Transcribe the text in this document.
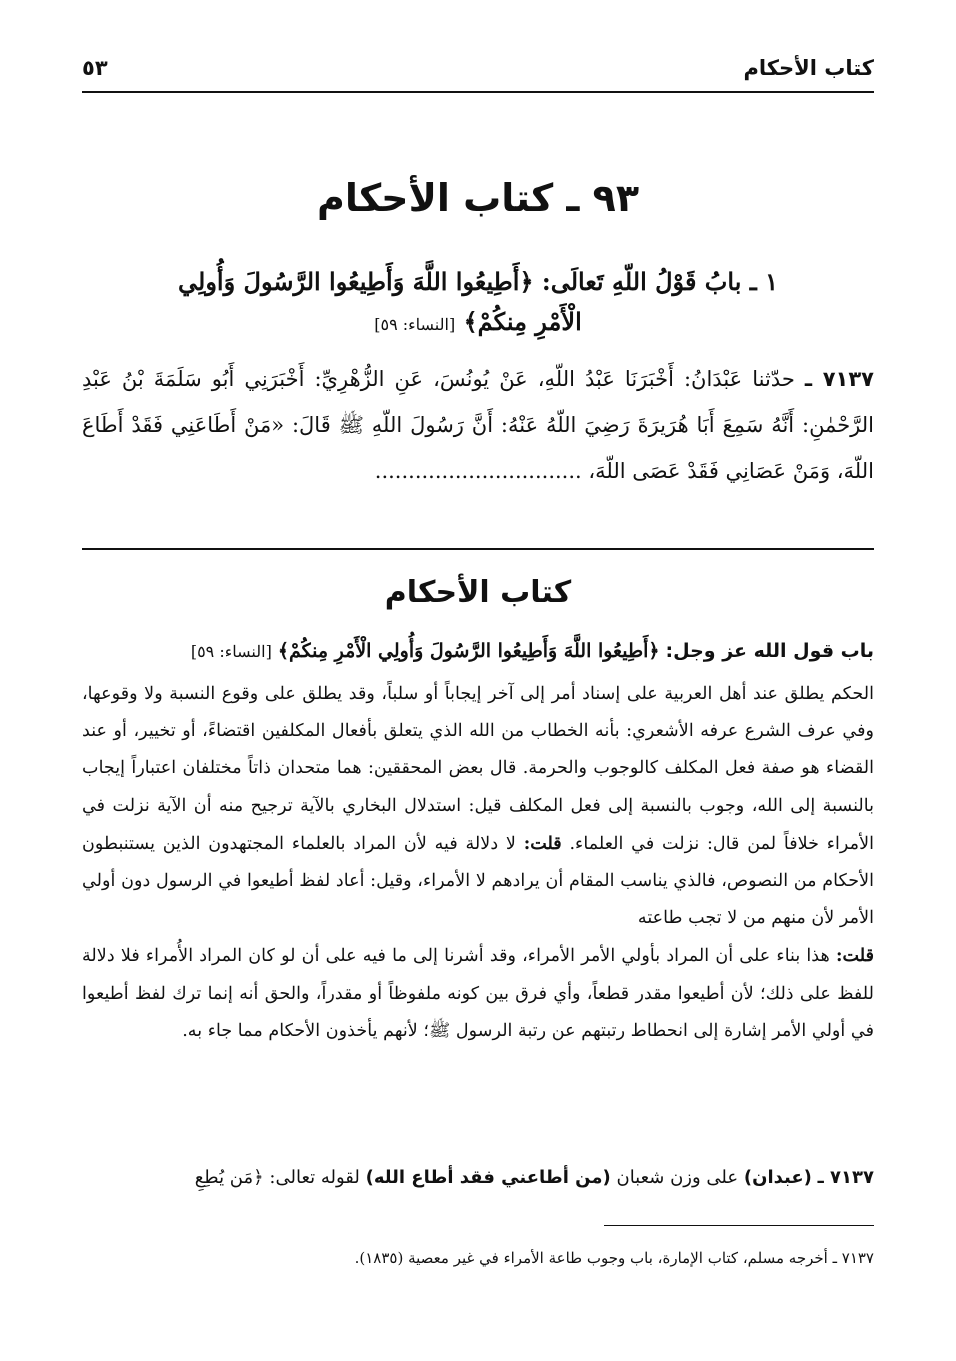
كتاب الأحكام
٥٣
٩٣ ـ كتاب الأحكام
١ ـ بابُ قَوْلُ اللّهِ تَعالَى: ﴿أَطِيعُوا اللَّهَ وَأَطِيعُوا الرَّسُولَ وَأُولِي الْأَمْرِ مِنكُمْ﴾ [النساء: ٥٩]
٧١٣٧ ـ حدّثنا عَبْدَانُ: أَخْبَرَنَا عَبْدُ اللّهِ، عَنْ يُونُسَ، عَنِ الزُّهْرِيِّ: أَخْبَرَنِي أَبُو سَلَمَةَ بْنُ عَبْدِ الرَّحْمٰنِ: أَنَّهُ سَمِعَ أَبَا هُرَيرَةَ رَضِيَ اللّهُ عَنْهُ: أَنَّ رَسُولَ اللّهِ ﷺ قَالَ: «مَنْ أَطَاعَنِي فَقَدْ أَطَاعَ اللّهَ، وَمَنْ عَصَانِي فَقَدْ عَصَى اللّهَ، ...............................
كتاب الأحكام
باب قول الله عز وجل: ﴿أَطِيعُوا اللَّهَ وَأَطِيعُوا الرَّسُولَ وَأُولِي الْأَمْرِ مِنكُمْ﴾ [النساء: ٥٩]

الحكم يطلق عند أهل العربية على إسناد أمر إلى آخر إيجاباً أو سلباً، وقد يطلق على وقوع النسبة ولا وقوعها، وفي عرف الشرع عرفه الأشعري: بأنه الخطاب من الله الذي يتعلق بأفعال المكلفين اقتضاءً، أو تخيير، أو عند القضاء هو صفة فعل المكلف كالوجوب والحرمة. قال بعض المحققين: هما متحدان ذاتاً مختلفان اعتباراً إيجاب بالنسبة إلى الله، وجوب بالنسبة إلى فعل المكلف قيل: استدلال البخاري بالآية ترجيح منه أن الآية نزلت في الأمراء خلافاً لمن قال: نزلت في العلماء. قلت: لا دلالة فيه لأن المراد بالعلماء المجتهدون الذين يستنبطون الأحكام من النصوص، فالذي يناسب المقام أن يرادهم لا الأمراء، وقيل: أعاد لفظ أطيعوا في الرسول دون أولي الأمر لأن منهم من لا تجب طاعته

قلت: هذا بناء على أن المراد بأولي الأمر الأمراء، وقد أشرنا إلى ما فيه على أن لو كان المراد الأُمراء فلا دلالة للفظ على ذلك؛ لأن أطيعوا مقدر قطعاً، وأي فرق بين كونه ملفوظاً أو مقدراً، والحق أنه إنما ترك لفظ أطيعوا في أولي الأمر إشارة إلى انحطاط رتبتهم عن رتبة الرسول ﷺ؛ لأنهم يأخذون الأحكام مما جاء به.

٧١٣٧ ـ (عبدان) على وزن شعبان (من أطاعني فقد أطاع الله) لقوله تعالى: ﴿مَن يُطِعِ
٧١٣٧ ـ أخرجه مسلم، كتاب الإمارة، باب وجوب طاعة الأمراء في غير معصية (١٨٣٥).
